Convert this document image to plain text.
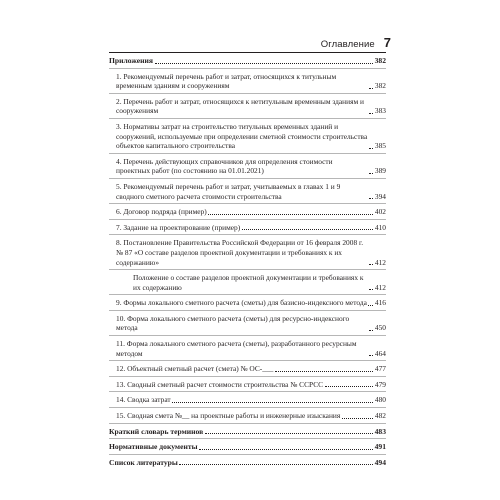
Оглавление 7
Приложения	382
1. Рекомендуемый перечень работ и затрат, относящихся к титульным временным зданиям и сооружениям	382
2. Перечень работ и затрат, относящихся к нетитульным временным зданиям и сооружениям	383
3. Нормативы затрат на строительство титульных временных зданий и сооружений, используемые при определении сметной стоимости строительства объектов капитального строительства	385
4. Перечень действующих справочников для определения стоимости проектных работ (по состоянию на 01.01.2021)	389
5. Рекомендуемый перечень работ и затрат, учитываемых в главах 1 и 9 сводного сметного расчета стоимости строительства	394
6. Договор подряда (пример)	402
7. Задание на проектирование (пример)	410
8. Постановление Правительства Российской Федерации от 16 февраля 2008 г. № 87 «О составе разделов проектной документации и требованиях к их содержанию»	412
Положение о составе разделов проектной документации и требованиях к их содержанию	412
9. Формы локального сметного расчета (сметы) для базисно-индексного метода 416
10. Форма локального сметного расчета (сметы) для ресурсно-индексного метода	450
11. Форма локального сметного расчета (сметы), разработанного ресурсным методом	464
12. Объектный сметный расчет (смета) № ОС-___	477
13. Сводный сметный расчет стоимости строительства № ССРСС	479
14. Сводка затрат	480
15. Сводная смета №__ на проектные работы и инженерные изыскания	482
Краткий словарь терминов	483
Нормативные документы	491
Список литературы	494
